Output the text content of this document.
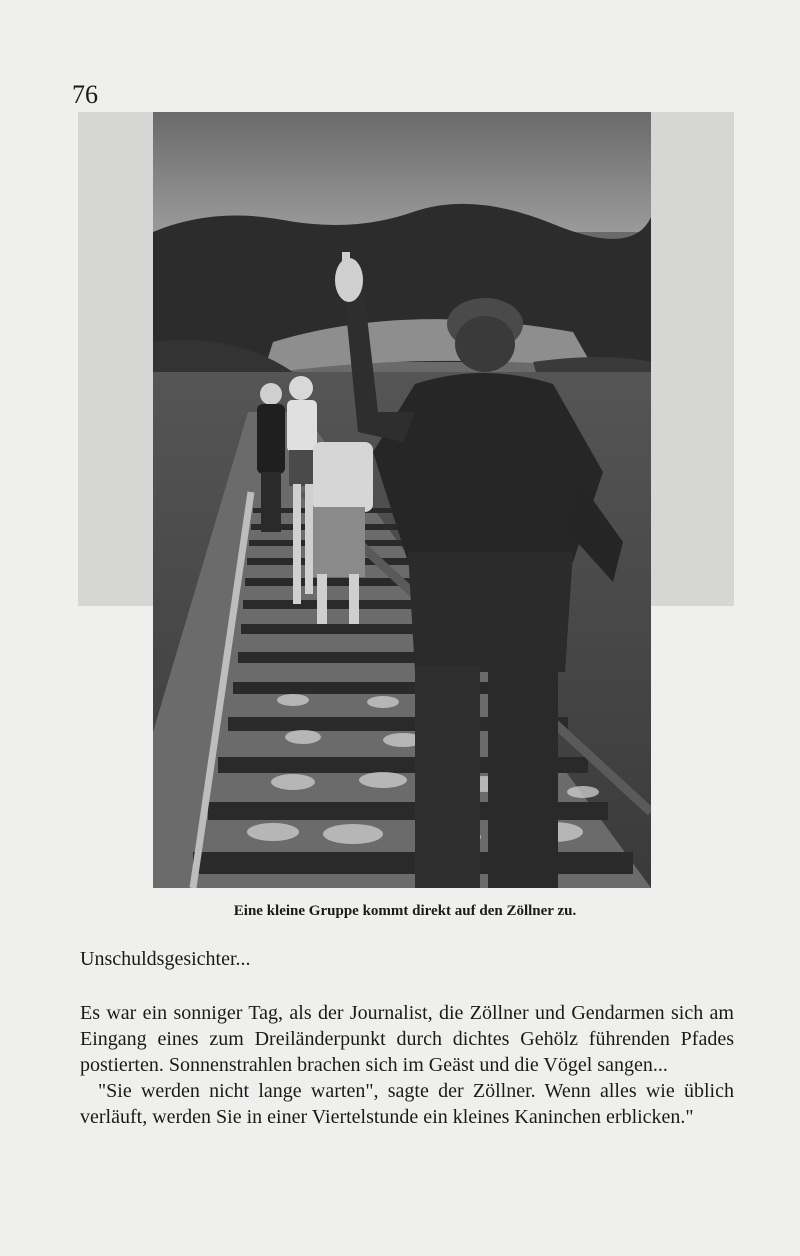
76
Eine kleine Gruppe kommt direkt auf den Zöllner zu.

Unschuldsgesichter...

Es war ein sonniger Tag, als der Journalist, die Zöllner und Gendarmen sich am Eingang eines zum Dreiländerpunkt durch dichtes Gehölz führenden Pfades postierten. Sonnenstrahlen brachen sich im Geäst und die Vögel sangen...

"Sie werden nicht lange warten", sagte der Zöllner. Wenn alles wie üblich verläuft, werden Sie in einer Viertelstunde ein kleines Kaninchen erblicken."
